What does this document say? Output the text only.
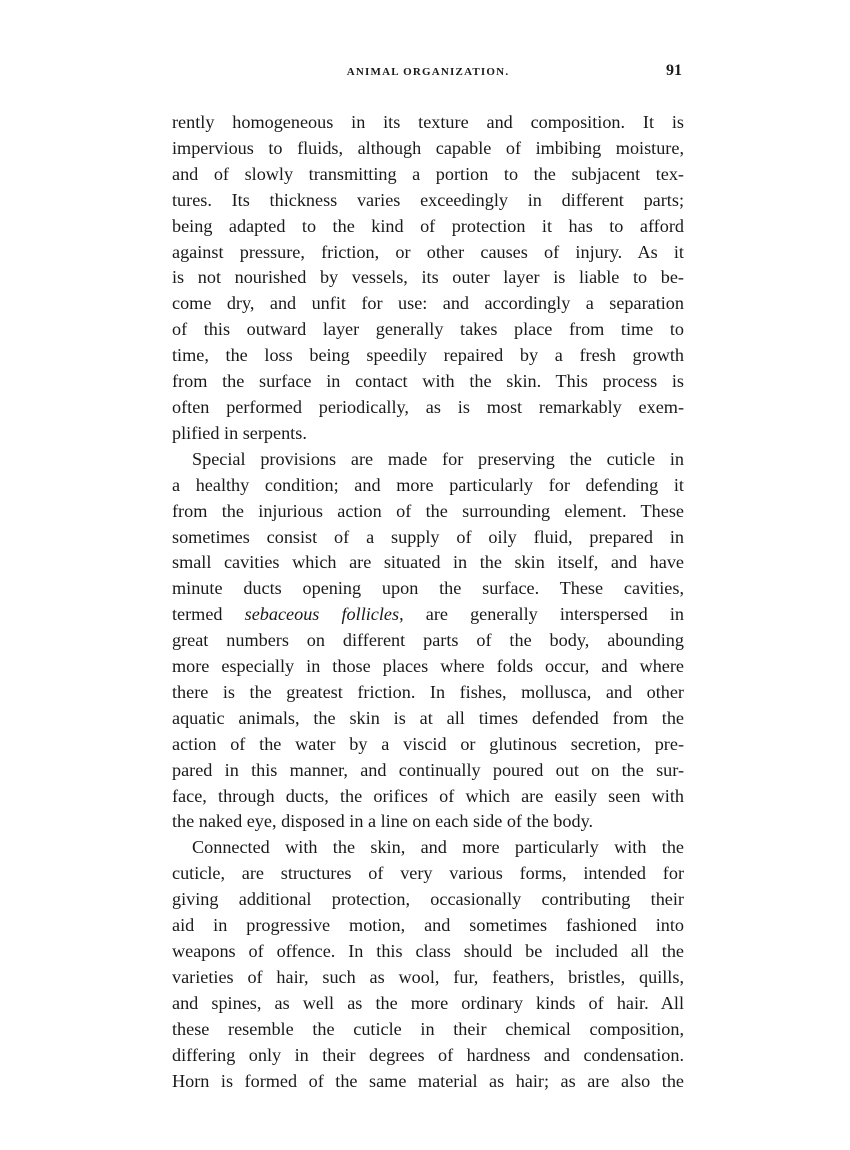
ANIMAL ORGANIZATION.	91
rently homogeneous in its texture and composition. It is
impervious to fluids, although capable of imbibing moisture,
and of slowly transmitting a portion to the subjacent tex-
tures. Its thickness varies exceedingly in different parts;
being adapted to the kind of protection it has to afford
against pressure, friction, or other causes of injury. As it
is not nourished by vessels, its outer layer is liable to be-
come dry, and unfit for use: and accordingly a separation
of this outward layer generally takes place from time to
time, the loss being speedily repaired by a fresh growth
from the surface in contact with the skin. This process is
often performed periodically, as is most remarkably exem-
plified in serpents.
Special provisions are made for preserving the cuticle in
a healthy condition; and more particularly for defending it
from the injurious action of the surrounding element. These
sometimes consist of a supply of oily fluid, prepared in
small cavities which are situated in the skin itself, and have
minute ducts opening upon the surface. These cavities,
termed sebaceous follicles, are generally interspersed in
great numbers on different parts of the body, abounding
more especially in those places where folds occur, and where
there is the greatest friction. In fishes, mollusca, and other
aquatic animals, the skin is at all times defended from the
action of the water by a viscid or glutinous secretion, pre-
pared in this manner, and continually poured out on the sur-
face, through ducts, the orifices of which are easily seen with
the naked eye, disposed in a line on each side of the body.
Connected with the skin, and more particularly with the
cuticle, are structures of very various forms, intended for
giving additional protection, occasionally contributing their
aid in progressive motion, and sometimes fashioned into
weapons of offence. In this class should be included all the
varieties of hair, such as wool, fur, feathers, bristles, quills,
and spines, as well as the more ordinary kinds of hair. All
these resemble the cuticle in their chemical composition,
differing only in their degrees of hardness and condensation.
Horn is formed of the same material as hair; as are also the
